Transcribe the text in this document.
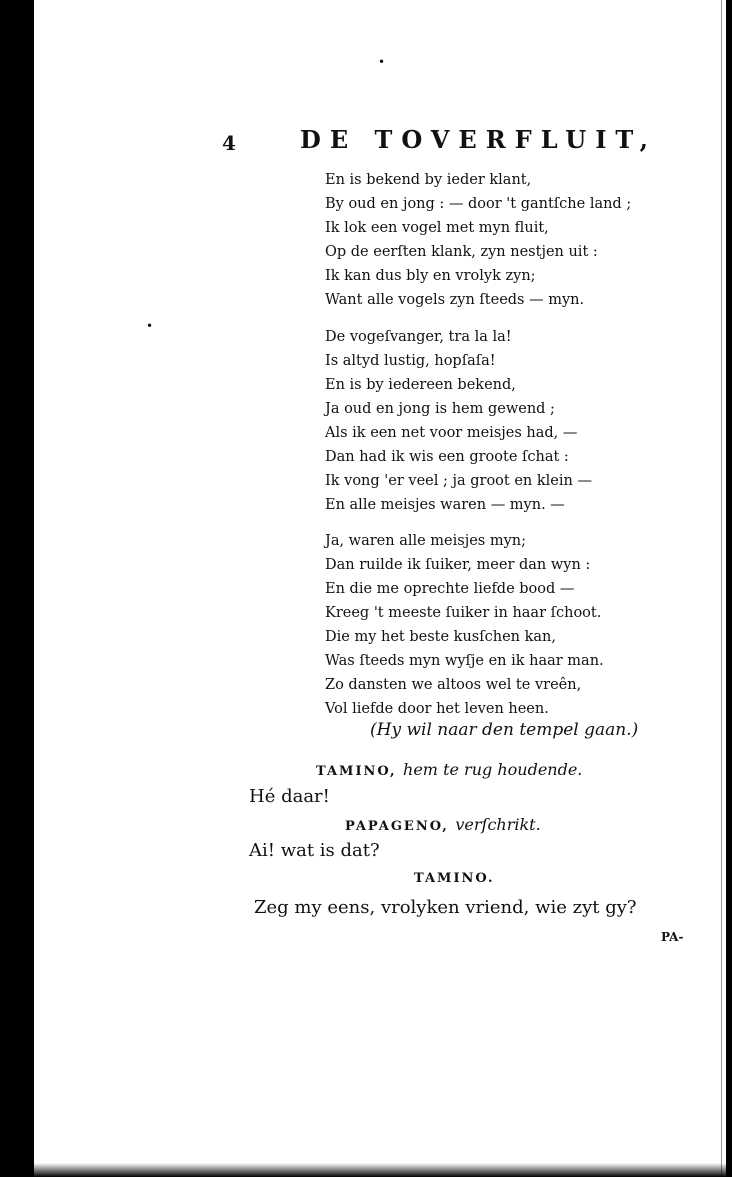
•
•
4	DE TOVERFLUIT,
En is bekend by ieder klant,
By oud en jong : — door 't gantſche land ;
Ik lok een vogel met myn fluit,
Op de eerſten klank, zyn nestjen uit :
Ik kan dus bly en vrolyk zyn;
Want alle vogels zyn ſteeds — myn.
De vogeſvanger, tra la la!
Is altyd lustig, hopſaſa!
En is by iedereen bekend,
Ja oud en jong is hem gewend ;
Als ik een net voor meisjes had, —
Dan had ik wis een groote ſchat :
Ik vong 'er veel ; ja groot en klein —
En alle meisjes waren — myn. —
Ja, waren alle meisjes myn;
Dan ruilde ik ſuiker, meer dan wyn :
En die me oprechte liefde bood —
Kreeg 't meeste ſuiker in haar ſchoot.
Die my het beste kusſchen kan,
Was ſteeds myn wyſje en ik haar man.
Zo dansten we altoos wel te vreên,
Vol liefde door het leven heen.
(Hy wil naar den tempel gaan.)
TAMINO, hem te rug houdende.
Hé daar!
PAPAGENO, verſchrikt.
Ai! wat is dat?
TAMINO.
Zeg my eens, vrolyken vriend, wie zyt gy?
PA-
